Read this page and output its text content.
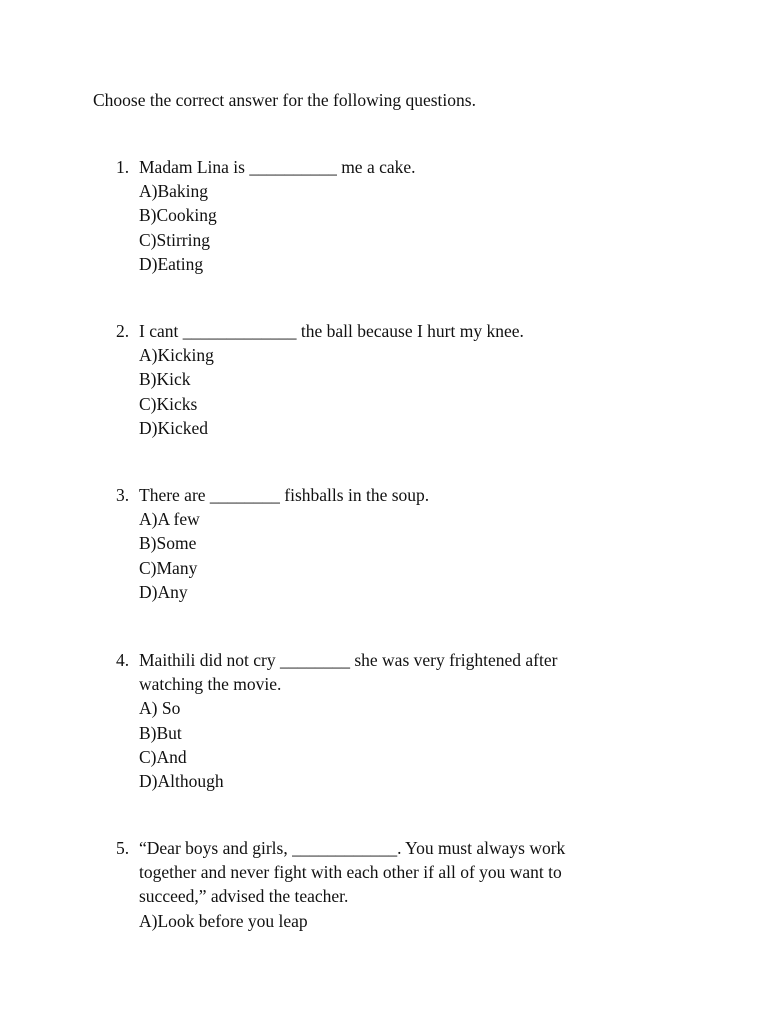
Choose the correct answer for the following questions.
1. Madam Lina is __________ me a cake.
A)Baking
B)Cooking
C)Stirring
D)Eating
2. I cant _____________ the ball because I hurt my knee.
A)Kicking
B)Kick
C)Kicks
D)Kicked
3. There are ________ fishballs in the soup.
A)A few
B)Some
C)Many
D)Any
4. Maithili did not cry ________ she was very frightened after
watching the movie.
A) So
B)But
C)And
D)Although
5. “Dear boys and girls, ____________. You must always work
together and never fight with each other if all of you want to
succeed,” advised the teacher.
A)Look before you leap
